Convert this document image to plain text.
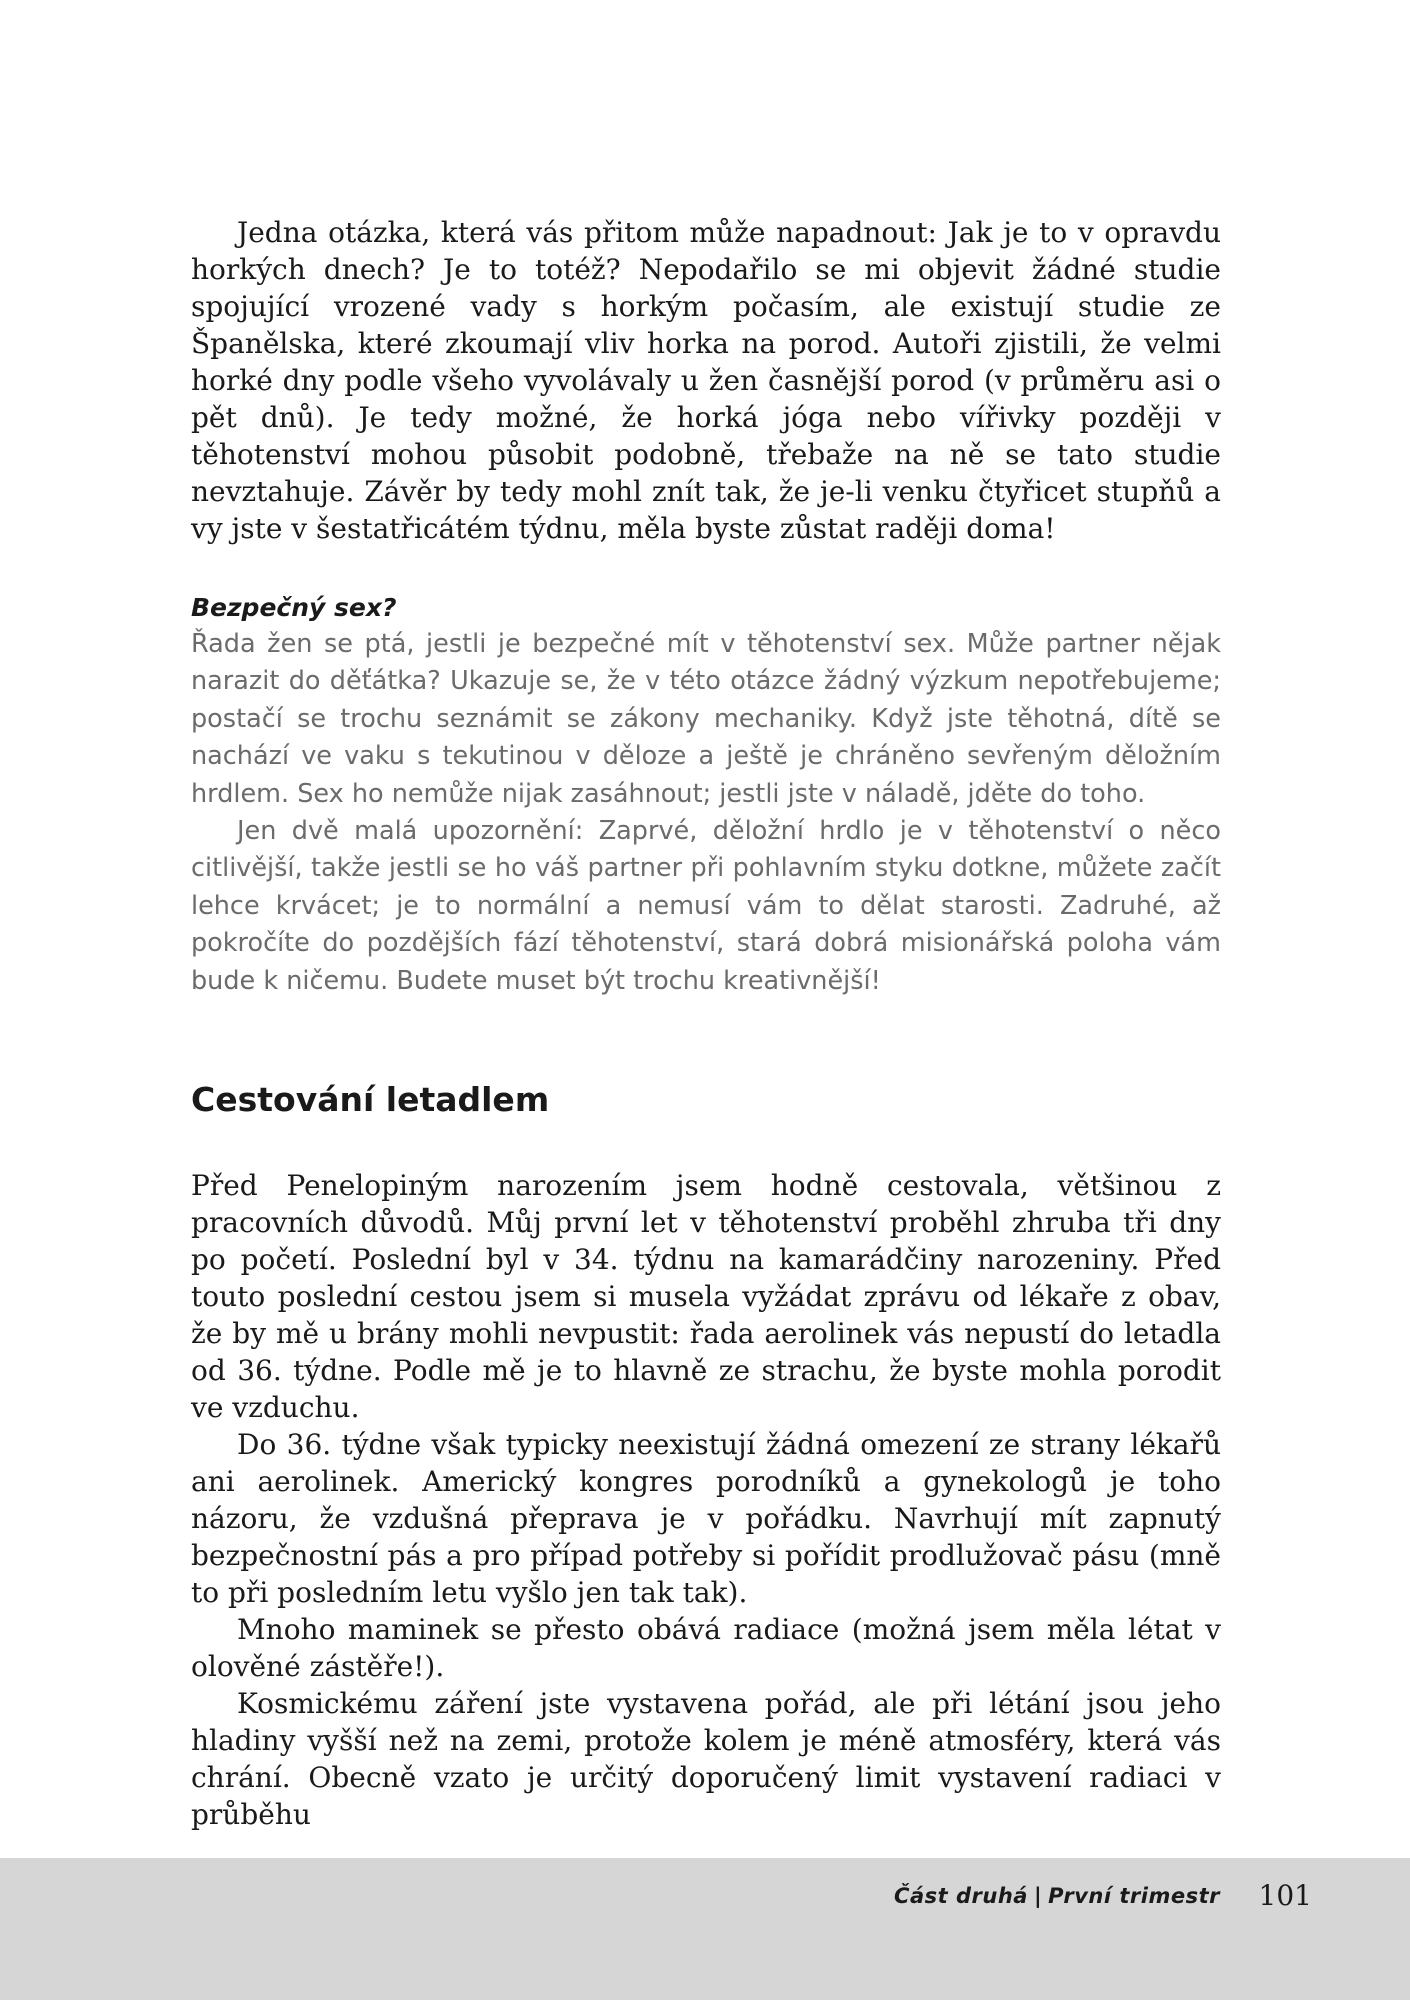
Jedna otázka, která vás přitom může napadnout: Jak je to v opravdu horkých dnech? Je to totéž? Nepodařilo se mi objevit žádné studie spojující vrozené vady s horkým počasím, ale existují studie ze Španělska, které zkoumají vliv horka na porod. Autoři zjistili, že velmi horké dny podle všeho vyvolávaly u žen časnější porod (v průměru asi o pět dnů). Je tedy možné, že horká jóga nebo vířivky později v těhotenství mohou působit podobně, třebaže na ně se tato studie nevztahuje. Závěr by tedy mohl znít tak, že je-li venku čtyřicet stupňů a vy jste v šestatřicátém týdnu, měla byste zůstat raději doma!

Bezpečný sex?

Řada žen se ptá, jestli je bezpečné mít v těhotenství sex. Může partner nějak narazit do děťátka? Ukazuje se, že v této otázce žádný výzkum nepotřebujeme; postačí se trochu seznámit se zákony mechaniky. Když jste těhotná, dítě se nachází ve vaku s tekutinou v děloze a ještě je chráněno sevřeným děložním hrdlem. Sex ho nemůže nijak zasáhnout; jestli jste v náladě, jděte do toho.

Jen dvě malá upozornění: Zaprvé, děložní hrdlo je v těhotenství o něco citlivější, takže jestli se ho váš partner při pohlavním styku dotkne, můžete začít lehce krvácet; je to normální a nemusí vám to dělat starosti. Zadruhé, až pokročíte do pozdějších fází těhotenství, stará dobrá misionářská poloha vám bude k ničemu. Budete muset být trochu kreativnější!

Cestování letadlem

Před Penelopiným narozením jsem hodně cestovala, většinou z pracovních důvodů. Můj první let v těhotenství proběhl zhruba tři dny po početí. Poslední byl v 34. týdnu na kamarádčiny narozeniny. Před touto poslední cestou jsem si musela vyžádat zprávu od lékaře z obav, že by mě u brány mohli nevpustit: řada aerolinek vás nepustí do letadla od 36. týdne. Podle mě je to hlavně ze strachu, že byste mohla porodit ve vzduchu.

Do 36. týdne však typicky neexistují žádná omezení ze strany lékařů ani aerolinek. Americký kongres porodníků a gynekologů je toho názoru, že vzdušná přeprava je v pořádku. Navrhují mít zapnutý bezpečnostní pás a pro případ potřeby si pořídit prodlužovač pásu (mně to při posledním letu vyšlo jen tak tak).

Mnoho maminek se přesto obává radiace (možná jsem měla létat v olověné zástěře!).

Kosmickému záření jste vystavena pořád, ale při létání jsou jeho hladiny vyšší než na zemi, protože kolem je méně atmosféry, která vás chrání. Obecně vzato je určitý doporučený limit vystavení radiaci v průběhu

Část druhá | První trimestr 101
